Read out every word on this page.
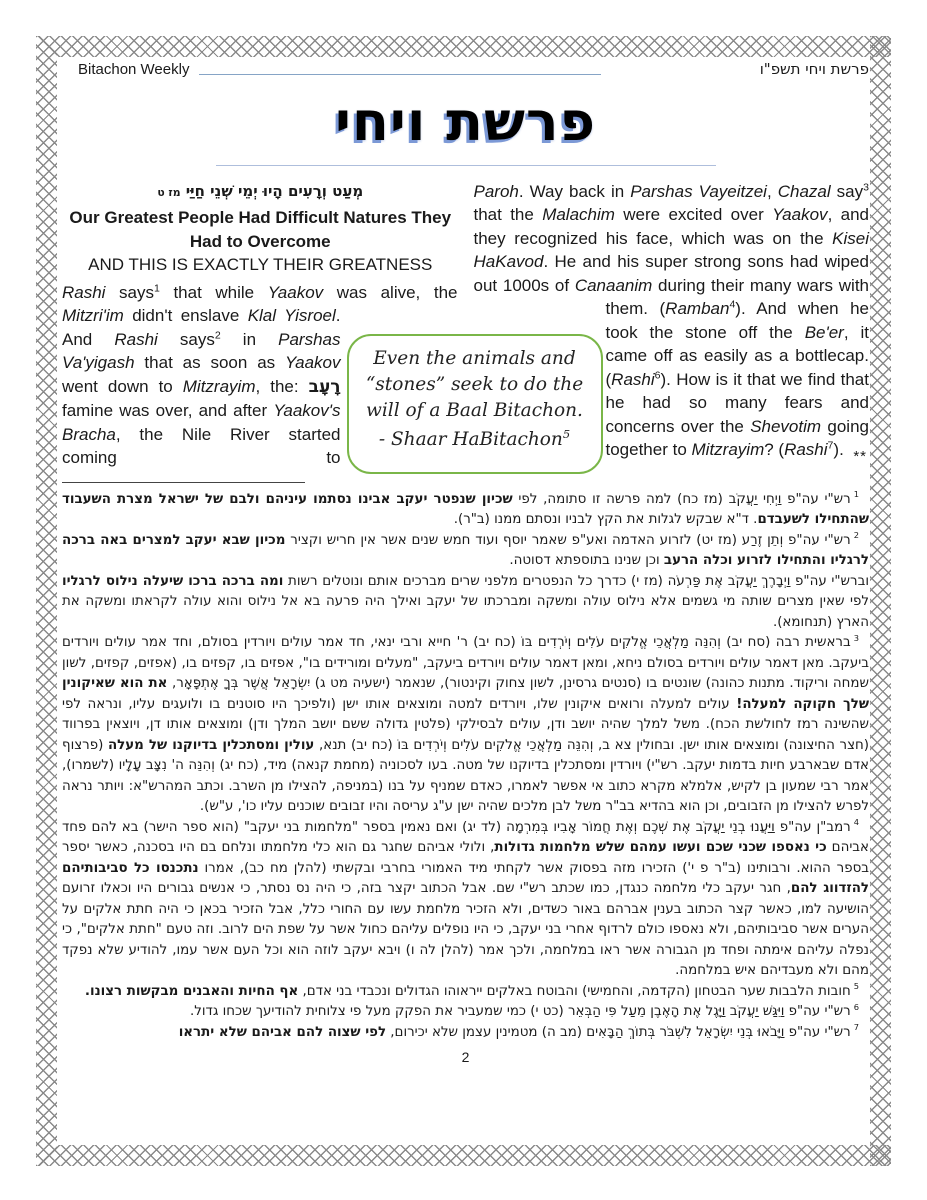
Bitachon Weekly	פרשת ויחי תשפ"ו
פרשת ויחי

מְעַט וְרָעִים הָיוּ יְמֵי שְׁנֵי חַיַּי מז ט

Our Greatest People Had Difficult Natures They Had to Overcome

AND THIS IS EXACTLY THEIR GREATNESS

Rashi says$^1$ that while Yaakov was alive, the Mitzri'im didn't enslave Klal Yisroel. And Rashi says$^2$ in Parshas Va'yigash that as soon as Yaakov went down to Mitzrayim, the: רָעָב famine was over, and after Yaakov's Bracha, the Nile River started coming to

Paroh. Way back in Parshas Vayeitzei, Chazal say$^3$ that the Malachim were excited over Yaakov, and they recognized his face, which was on the Kisei HaKavod. He and his super strong sons had wiped out 1000s of Canaanim during their many wars with them. (Ramban$^4$). And when he took the stone off the Be'er, it came off as easily as a bottlecap. (Rashi$^6$). How is it that we find that he had so many fears and concerns over the Shevotim going together to Mitzrayim? (Rashi$^7$). **
Even the animals and “stones” seek to do the will of a Baal Bitachon.
- Shaar HaBitachon$^5$

$^1$רש"י עה"פ וַיְחִי יַעֲקֹב (מז כח) למה פרשה זו סתומה, לפי שכיון שנפטר יעקב אבינו נסתמו עיניהם ולבם של ישראל מצרת השעבוד שהתחילו לשעבדם. ד"א שבקש לגלות את הקץ לבניו ונסתם ממנו (ב"ר).

$^2$רש"י עה"פ וְתֵן זֶרַע (מז יט) לזרוע האדמה ואע"פ שאמר יוסף ועוד חמש שנים אשר אין חריש וקציר מכיון שבא יעקב למצרים באה ברכה לרגליו והתחילו לזרוע וכלה הרעב וכן שנינו בתוספתא דסוטה.

וברש"י עה"פ וַיְבָרֶךְ יַעֲקֹב אֶת פַּרְעֹה (מז י) כדרך כל הנפטרים מלפני שרים מברכים אותם ונוטלים רשות ומה ברכה ברכו שיעלה נילוס לרגליו לפי שאין מצרים שותה מי גשמים אלא נילוס עולה ומשקה ומברכתו של יעקב ואילך היה פרעה בא אל נילוס והוא עולה לקראתו ומשקה את הארץ (תנחומא).

$^3$בראשית רבה (סח יב) וְהִנֵּה מַלְאֲכֵי אֱלֹקִים עֹלִים וְיֹרְדִים בּוֹ (כח יב) ר' חייא ורבי ינאי, חד אמר עולים ויורדין בסולם, וחד אמר עולים ויורדים ביעקב. מאן דאמר עולים ויורדים בסולם ניחא, ומאן דאמר עולים ויורדים ביעקב, "מעלים ומורידים בו", אפזים בו, קפזים בו, (אפזים, קפזים, לשון שמחה וריקוד. מתנות כהונה) שונטים בו (סנטים גרסינן, לשון צחוק וקינטור), שנאמר (ישעיה מט ג) יִשְׂרָאֵל אֲשֶׁר בְּךָ אֶתְפָּאָר, את הוא שאיקונין שלך חקוקה למעלה! עולים למעלה ורואים איקונין שלו, ויורדים למטה ומוצאים אותו ישן (ולפיכך היו סוטנים בו ולועגים עליו, ונראה לפי שהשינה רמז לחולשת הכח). משל למלך שהיה יושב ודן, עולים לבסילקי (פלטין גדולה ששם יושב המלך ודן) ומוצאים אותו דן, ויוצאין בפרווד (חצר החיצונה) ומוצאים אותו ישן. ובחולין צא ב, וְהִנֵּה מַלְאֲכֵי אֱלֹקִים עֹלִים וְיֹרְדִים בּוֹ (כח יב) תנא, עולין ומסתכלין בדיוקנו של מעלה (פרצוף אדם שבארבע חיות בדמות יעקב. רש"י) ויורדין ומסתכלין בדיוקנו של מטה. בעו לסכוניה (מחמת קנאה) מיד, (כח יג) וְהִנֵּה ה' נִצָּב עָלָיו (לשמרו), אמר רבי שמעון בן לקיש, אלמלא מקרא כתוב אי אפשר לאמרו, כאדם שמניף על בנו (במניפה, להצילו מן השרב. וכתב המהרש"א: ויותר נראה לפרש להצילו מן הזבובים, וכן הוא בהדיא בב"ר משל לבן מלכים שהיה ישן ע"ג עריסה והיו זבובים שוכנים עליו כו', ע"ש).

$^4$רמב"ן עה"פ וַיַּעֲנוּ בְנֵי יַעֲקֹב אֶת שְׁכֶם וְאֶת חֲמוֹר אָבִיו בְּמִרְמָה (לד יג) ואם נאמין בספר "מלחמות בני יעקב" (הוא ספר הישר) בא להם פחד אביהם כי נאספו שכני שכם ועשו עמהם שלש מלחמות גדולות, ולולי אביהם שחגר גם הוא כלי מלחמתו ונלחם בם היו בסכנה, כאשר יספר בספר ההוא. ורבותינו (ב"ר פ י') הזכירו מזה בפסוק אשר לקחתי מיד האמורי בחרבי ובקשתי (להלן מח כב), אמרו נתכנסו כל סביבותיהם להזדווג להם, חגר יעקב כלי מלחמה כנגדן, כמו שכתב רש"י שם. אבל הכתוב יקצר בזה, כי היה נס נסתר, כי אנשים גבורים היו וכאלו זרועם הושיעה למו, כאשר קצר הכתוב בענין אברהם באור כשדים, ולא הזכיר מלחמת עשו עם החורי כלל, אבל הזכיר בכאן כי היה חתת אלקים על הערים אשר סביבותיהם, ולא נאספו כולם לרדוף אחרי בני יעקב, כי היו נופלים עליהם כחול אשר על שפת הים לרוב. וזה טעם "חתת אלקים", כי נפלה עליהם אימתה ופחד מן הגבורה אשר ראו במלחמה, ולכך אמר (להלן לה ו) ויבא יעקב לוזה הוא וכל העם אשר עמו, להודיע שלא נפקד מהם ולא מעבדיהם איש במלחמה.

$^5$חובות הלבבות שער הבטחון (הקדמה, והחמישי) והבוטח באלקים ייראוהו הגדולים ונכבדי בני אדם, אף החיות והאבנים מבקשות רצונו.

$^6$רש"י עה"פ וַיִּגַּשׁ יַעֲקֹב וַיָּגֶל אֶת הָאֶבֶן מֵעַל פִּי הַבְּאֵר (כט י) כמי שמעביר את הפקק מעל פי צלוחית להודיעך שכחו גדול.

$^7$רש"י עה"פ וַיָּבֹאוּ בְּנֵי יִשְׂרָאֵל לִשְׁבֹּר בְּתוֹךְ הַבָּאִים (מב ה) מטמינין עצמן שלא יכירום, לפי שצוה להם אביהם שלא יתראו

2
